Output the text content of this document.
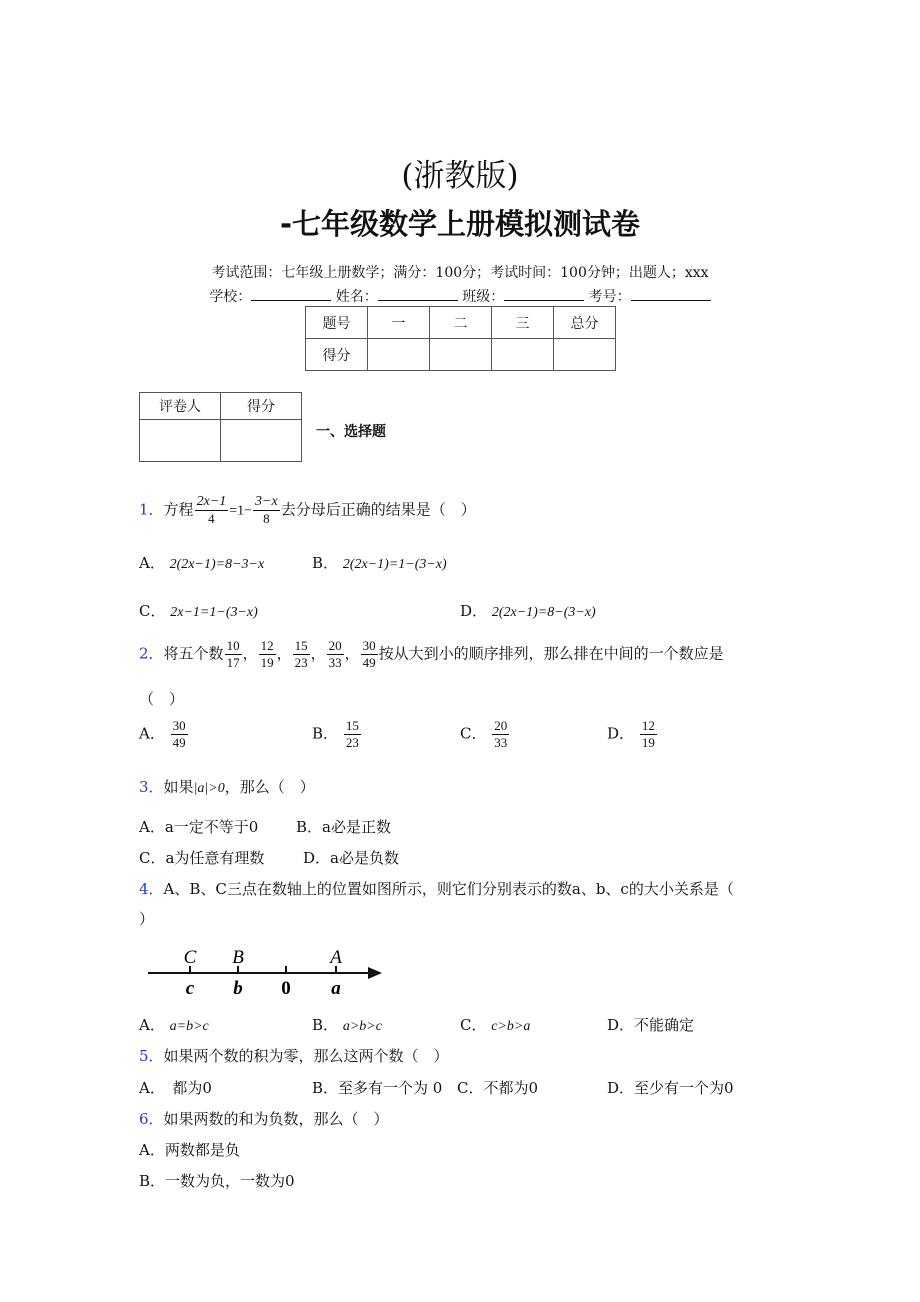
(浙教版)
-七年级数学上册模拟测试卷
考试范围：七年级上册数学；满分：100分；考试时间：100分钟；出题人；xxx
学校：	姓名：	班级：	考号：
题号	一	二	三	总分
得分				
评卷人	得分

一、选择题
1．方程 $\frac{2x-1}{4} =1- \frac{3-x}{8}$ 去分母后正确的结果是（　）
A． 2(2x−1)=8−3−x	B． 2(2x−1)=1−(3−x)
C． 2x−1=1−(3−x)	D． 2(2x−1)=8−(3−x)
2．将五个数 $\frac{10}{17}$ ， $\frac{12}{19}$ ， $\frac{15}{23}$ ， $\frac{20}{33}$ ， $\frac{30}{49}$ 按从大到小的顺序排列，那么排在中间的一个数应是
（　）
A． $\frac{30}{49}$	B． $\frac{15}{23}$	C． $\frac{20}{33}$	D． $\frac{12}{19}$
3．如果|a|>0，那么（　）
A．a一定不等于0	B．a必是正数
C．a为任意有理数	D．a必是负数
4．A、B、C三点在数轴上的位置如图所示，则它们分别表示的数a、b、c的大小关系是（
）
C B	A
c b 0 a
A． a=b>c	B． a>b>c	C． c>b>a	D．不能确定
5．如果两个数的积为零，那么这两个数（　）
A．　都为0	B．至多有一个为 0 C．不都为0	D．至少有一个为0
6．如果两数的和为负数，那么（　）
A．两数都是负
B．一数为负，一数为0
